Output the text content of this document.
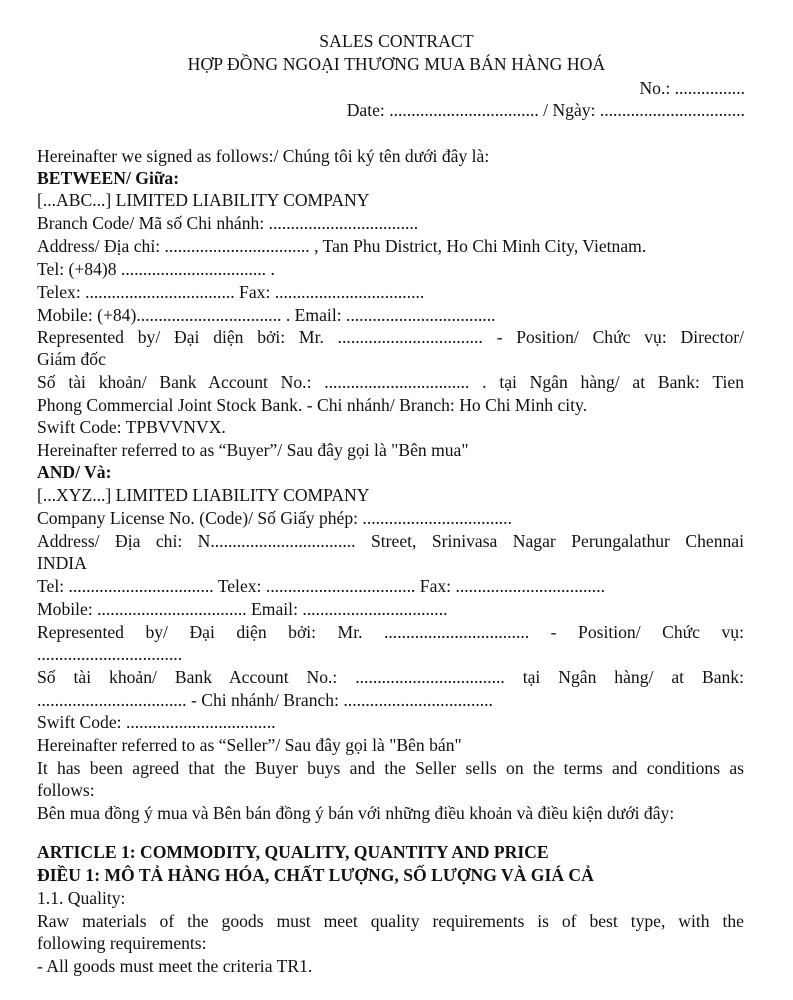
SALES CONTRACT
HỢP ĐỒNG NGOẠI THƯƠNG MUA BÁN HÀNG HOÁ
No.: ................
Date: .................................. / Ngày: .................................
Hereinafter we signed as follows:/ Chúng tôi ký tên dưới đây là:
BETWEEN/ Giữa:
[...ABC...] LIMITED LIABILITY COMPANY
Branch Code/ Mã số Chi nhánh: ..................................
Address/ Địa chỉ: ................................. , Tan Phu District, Ho Chi Minh City, Vietnam.
Tel: (+84)8 ................................. .
Telex: .................................. Fax: ..................................
Mobile: (+84)................................. . Email: ..................................
Represented by/ Đại diện bởi: Mr. ................................. - Position/ Chức vụ: Director/
Giám đốc
Số tài khoản/ Bank Account No.: ................................. . tại Ngân hàng/ at Bank: Tien
Phong Commercial Joint Stock Bank. - Chi nhánh/ Branch: Ho Chi Minh city.
Swift Code: TPBVVNVX.
Hereinafter referred to as “Buyer”/ Sau đây gọi là "Bên mua"
AND/ Và:
[...XYZ...] LIMITED LIABILITY COMPANY
Company License No. (Code)/ Số Giấy phép: ..................................
Address/ Địa chỉ: N................................. Street, Srinivasa Nagar Perungalathur Chennai
INDIA
Tel: ................................. Telex: .................................. Fax: ..................................
Mobile: .................................. Email: .................................
Represented by/ Đại diện bởi: Mr. ................................. - Position/ Chức vụ:
.................................
Số tài khoản/ Bank Account No.: .................................. tại Ngân hàng/ at Bank:
.................................. - Chi nhánh/ Branch: ..................................
Swift Code: ..................................
Hereinafter referred to as “Seller”/ Sau đây gọi là "Bên bán"
It has been agreed that the Buyer buys and the Seller sells on the terms and conditions as
follows:
Bên mua đồng ý mua và Bên bán đồng ý bán với những điều khoản và điều kiện dưới đây:
ARTICLE 1: COMMODITY, QUALITY, QUANTITY AND PRICE
ĐIỀU 1: MÔ TẢ HÀNG HÓA, CHẤT LƯỢNG, SỐ LƯỢNG VÀ GIÁ CẢ
1.1. Quality:
Raw materials of the goods must meet quality requirements is of best type, with the
following requirements:
- All goods must meet the criteria TR1.
